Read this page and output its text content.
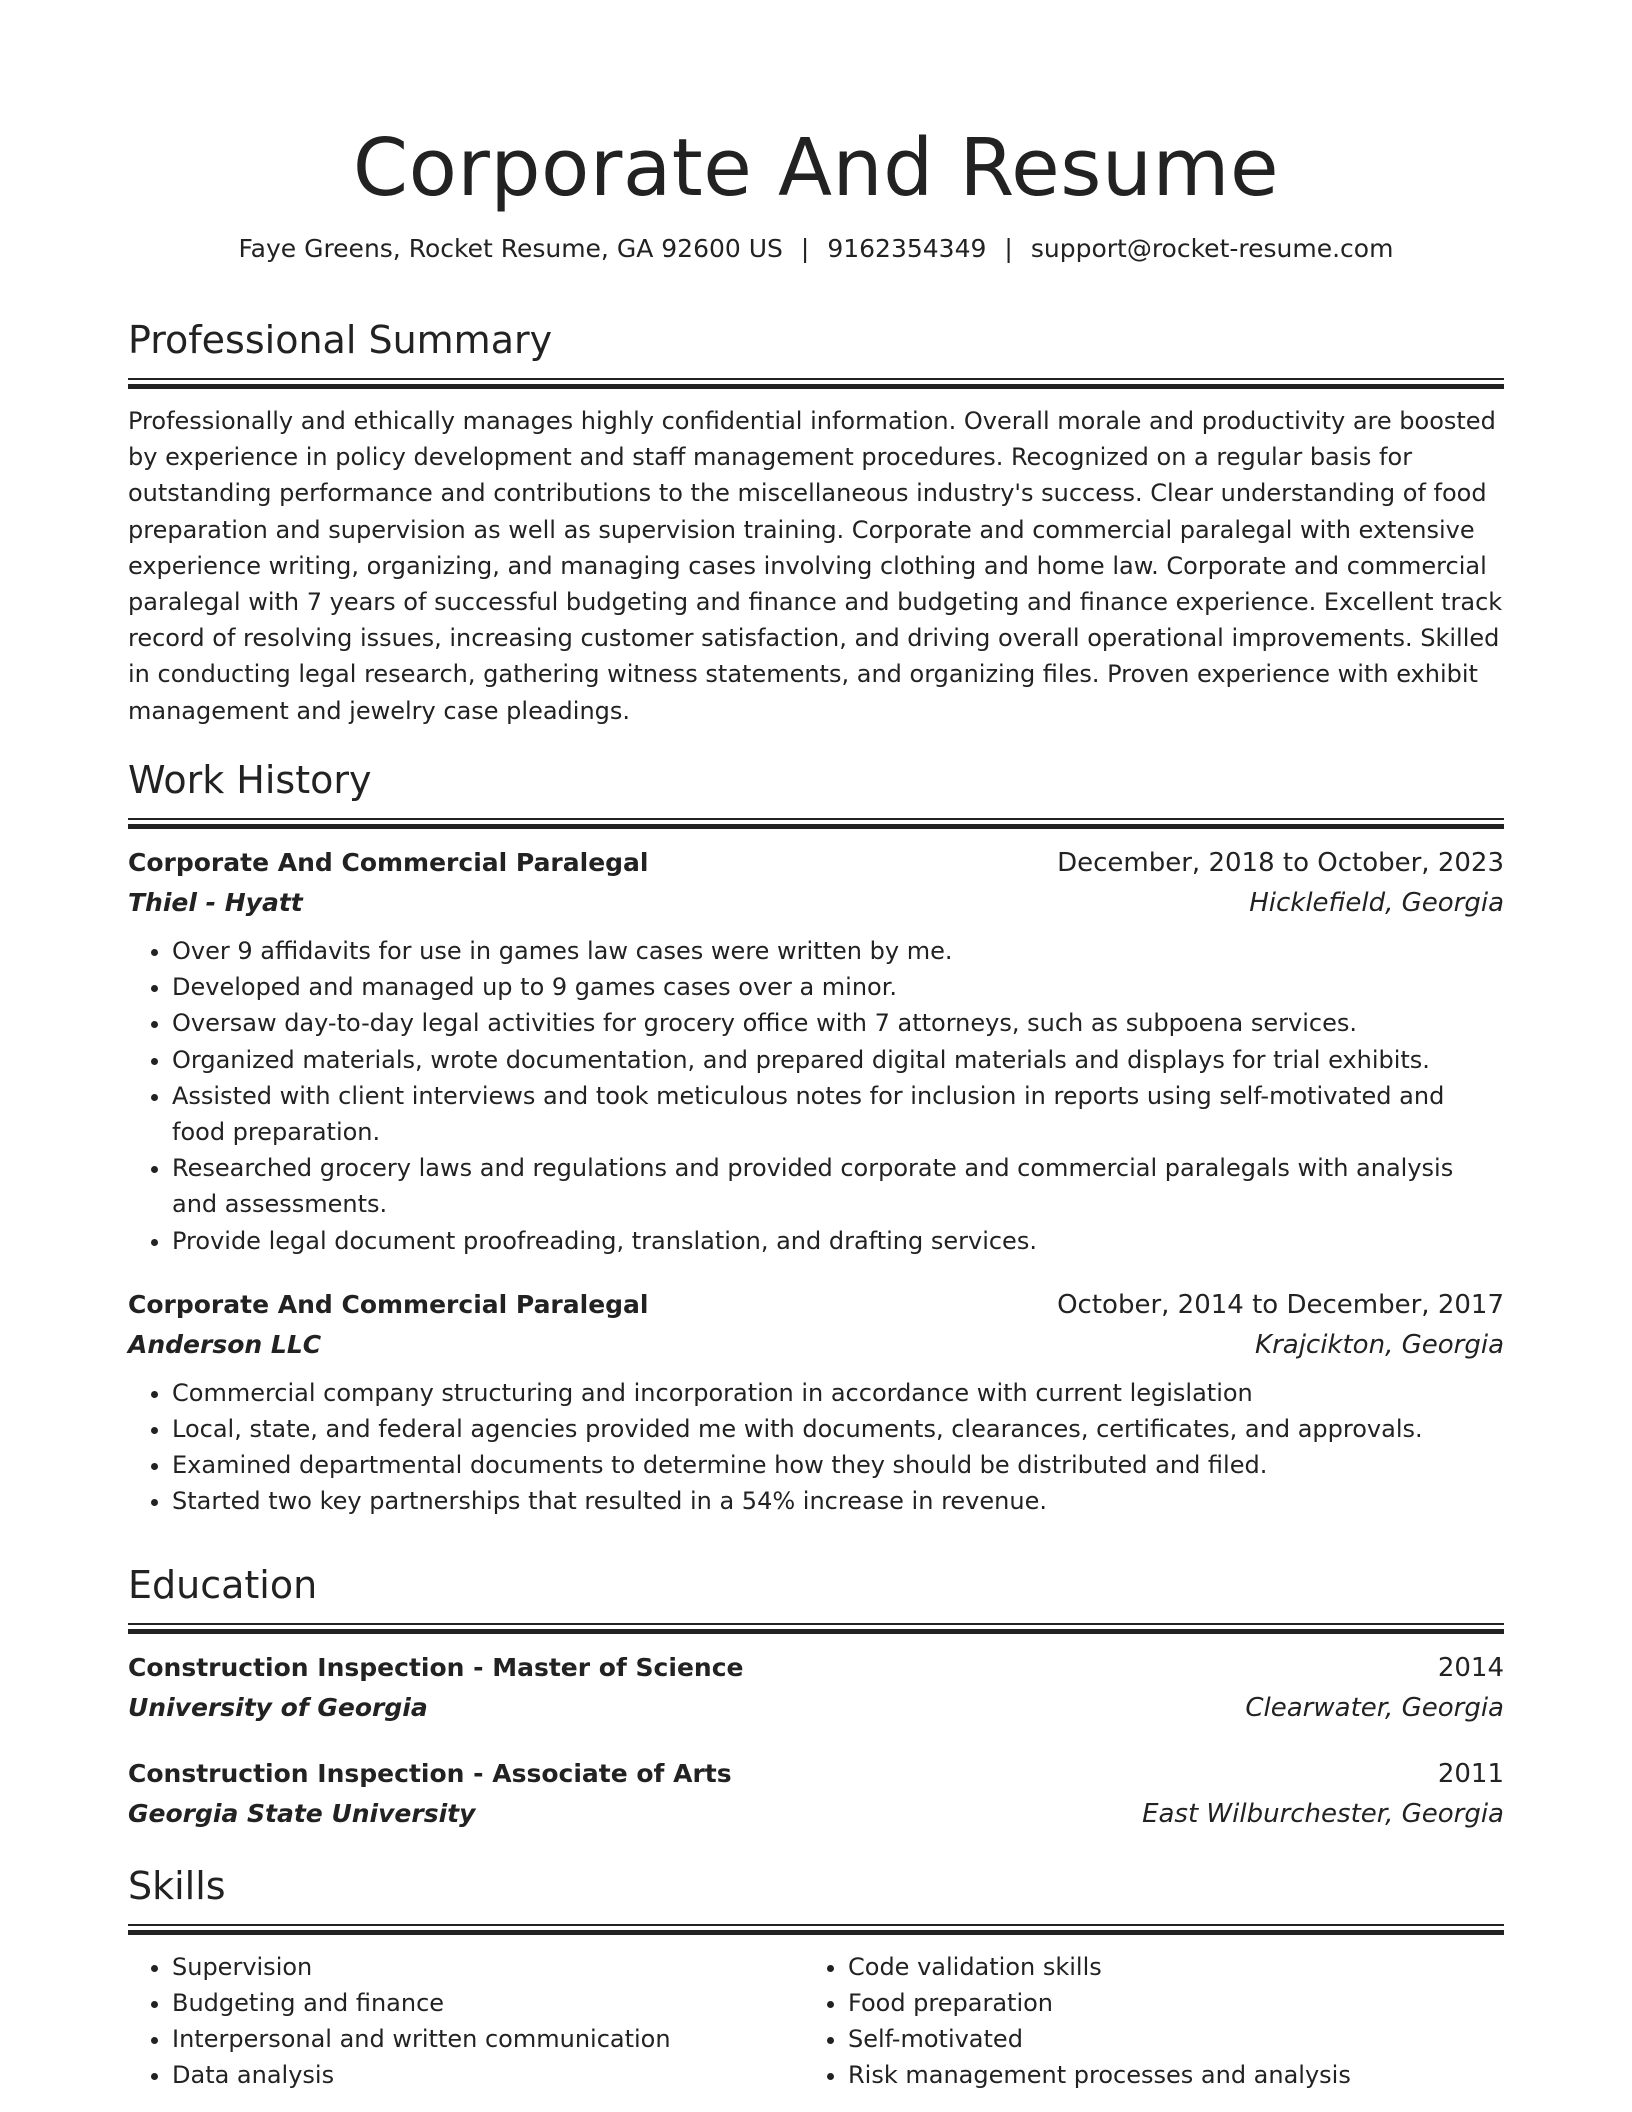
Corporate And Resume
Faye Greens, Rocket Resume, GA 92600 US | 9162354349 | support@rocket-resume.com
Professional Summary

Professionally and ethically manages highly confidential information. Overall morale and productivity are boosted by experience in policy development and staff management procedures. Recognized on a regular basis for outstanding performance and contributions to the miscellaneous industry's success. Clear understanding of food preparation and supervision as well as supervision training. Corporate and commercial paralegal with extensive experience writing, organizing, and managing cases involving clothing and home law. Corporate and commercial paralegal with 7 years of successful budgeting and finance and budgeting and finance experience. Excellent track record of resolving issues, increasing customer satisfaction, and driving overall operational improvements. Skilled in conducting legal research, gathering witness statements, and organizing files. Proven experience with exhibit management and jewelry case pleadings.

Work History
Corporate And Commercial Paralegal	December, 2018 to October, 2023
Thiel - Hyatt	Hicklefield, Georgia
• Over 9 affidavits for use in games law cases were written by me.
• Developed and managed up to 9 games cases over a minor.
• Oversaw day-to-day legal activities for grocery office with 7 attorneys, such as subpoena services.
• Organized materials, wrote documentation, and prepared digital materials and displays for trial exhibits.
• Assisted with client interviews and took meticulous notes for inclusion in reports using self-motivated and food preparation.
• Researched grocery laws and regulations and provided corporate and commercial paralegals with analysis and assessments.
• Provide legal document proofreading, translation, and drafting services.
Corporate And Commercial Paralegal	October, 2014 to December, 2017
Anderson LLC	Krajcikton, Georgia
• Commercial company structuring and incorporation in accordance with current legislation
• Local, state, and federal agencies provided me with documents, clearances, certificates, and approvals.
• Examined departmental documents to determine how they should be distributed and filed.
• Started two key partnerships that resulted in a 54% increase in revenue.
Education
Construction Inspection - Master of Science	2014
University of Georgia	Clearwater, Georgia
Construction Inspection - Associate of Arts	2011
Georgia State University	East Wilburchester, Georgia
Skills
• Supervision
• Budgeting and finance
• Interpersonal and written communication
• Data analysis
• Code validation skills
• Food preparation
• Self-motivated
• Risk management processes and analysis
